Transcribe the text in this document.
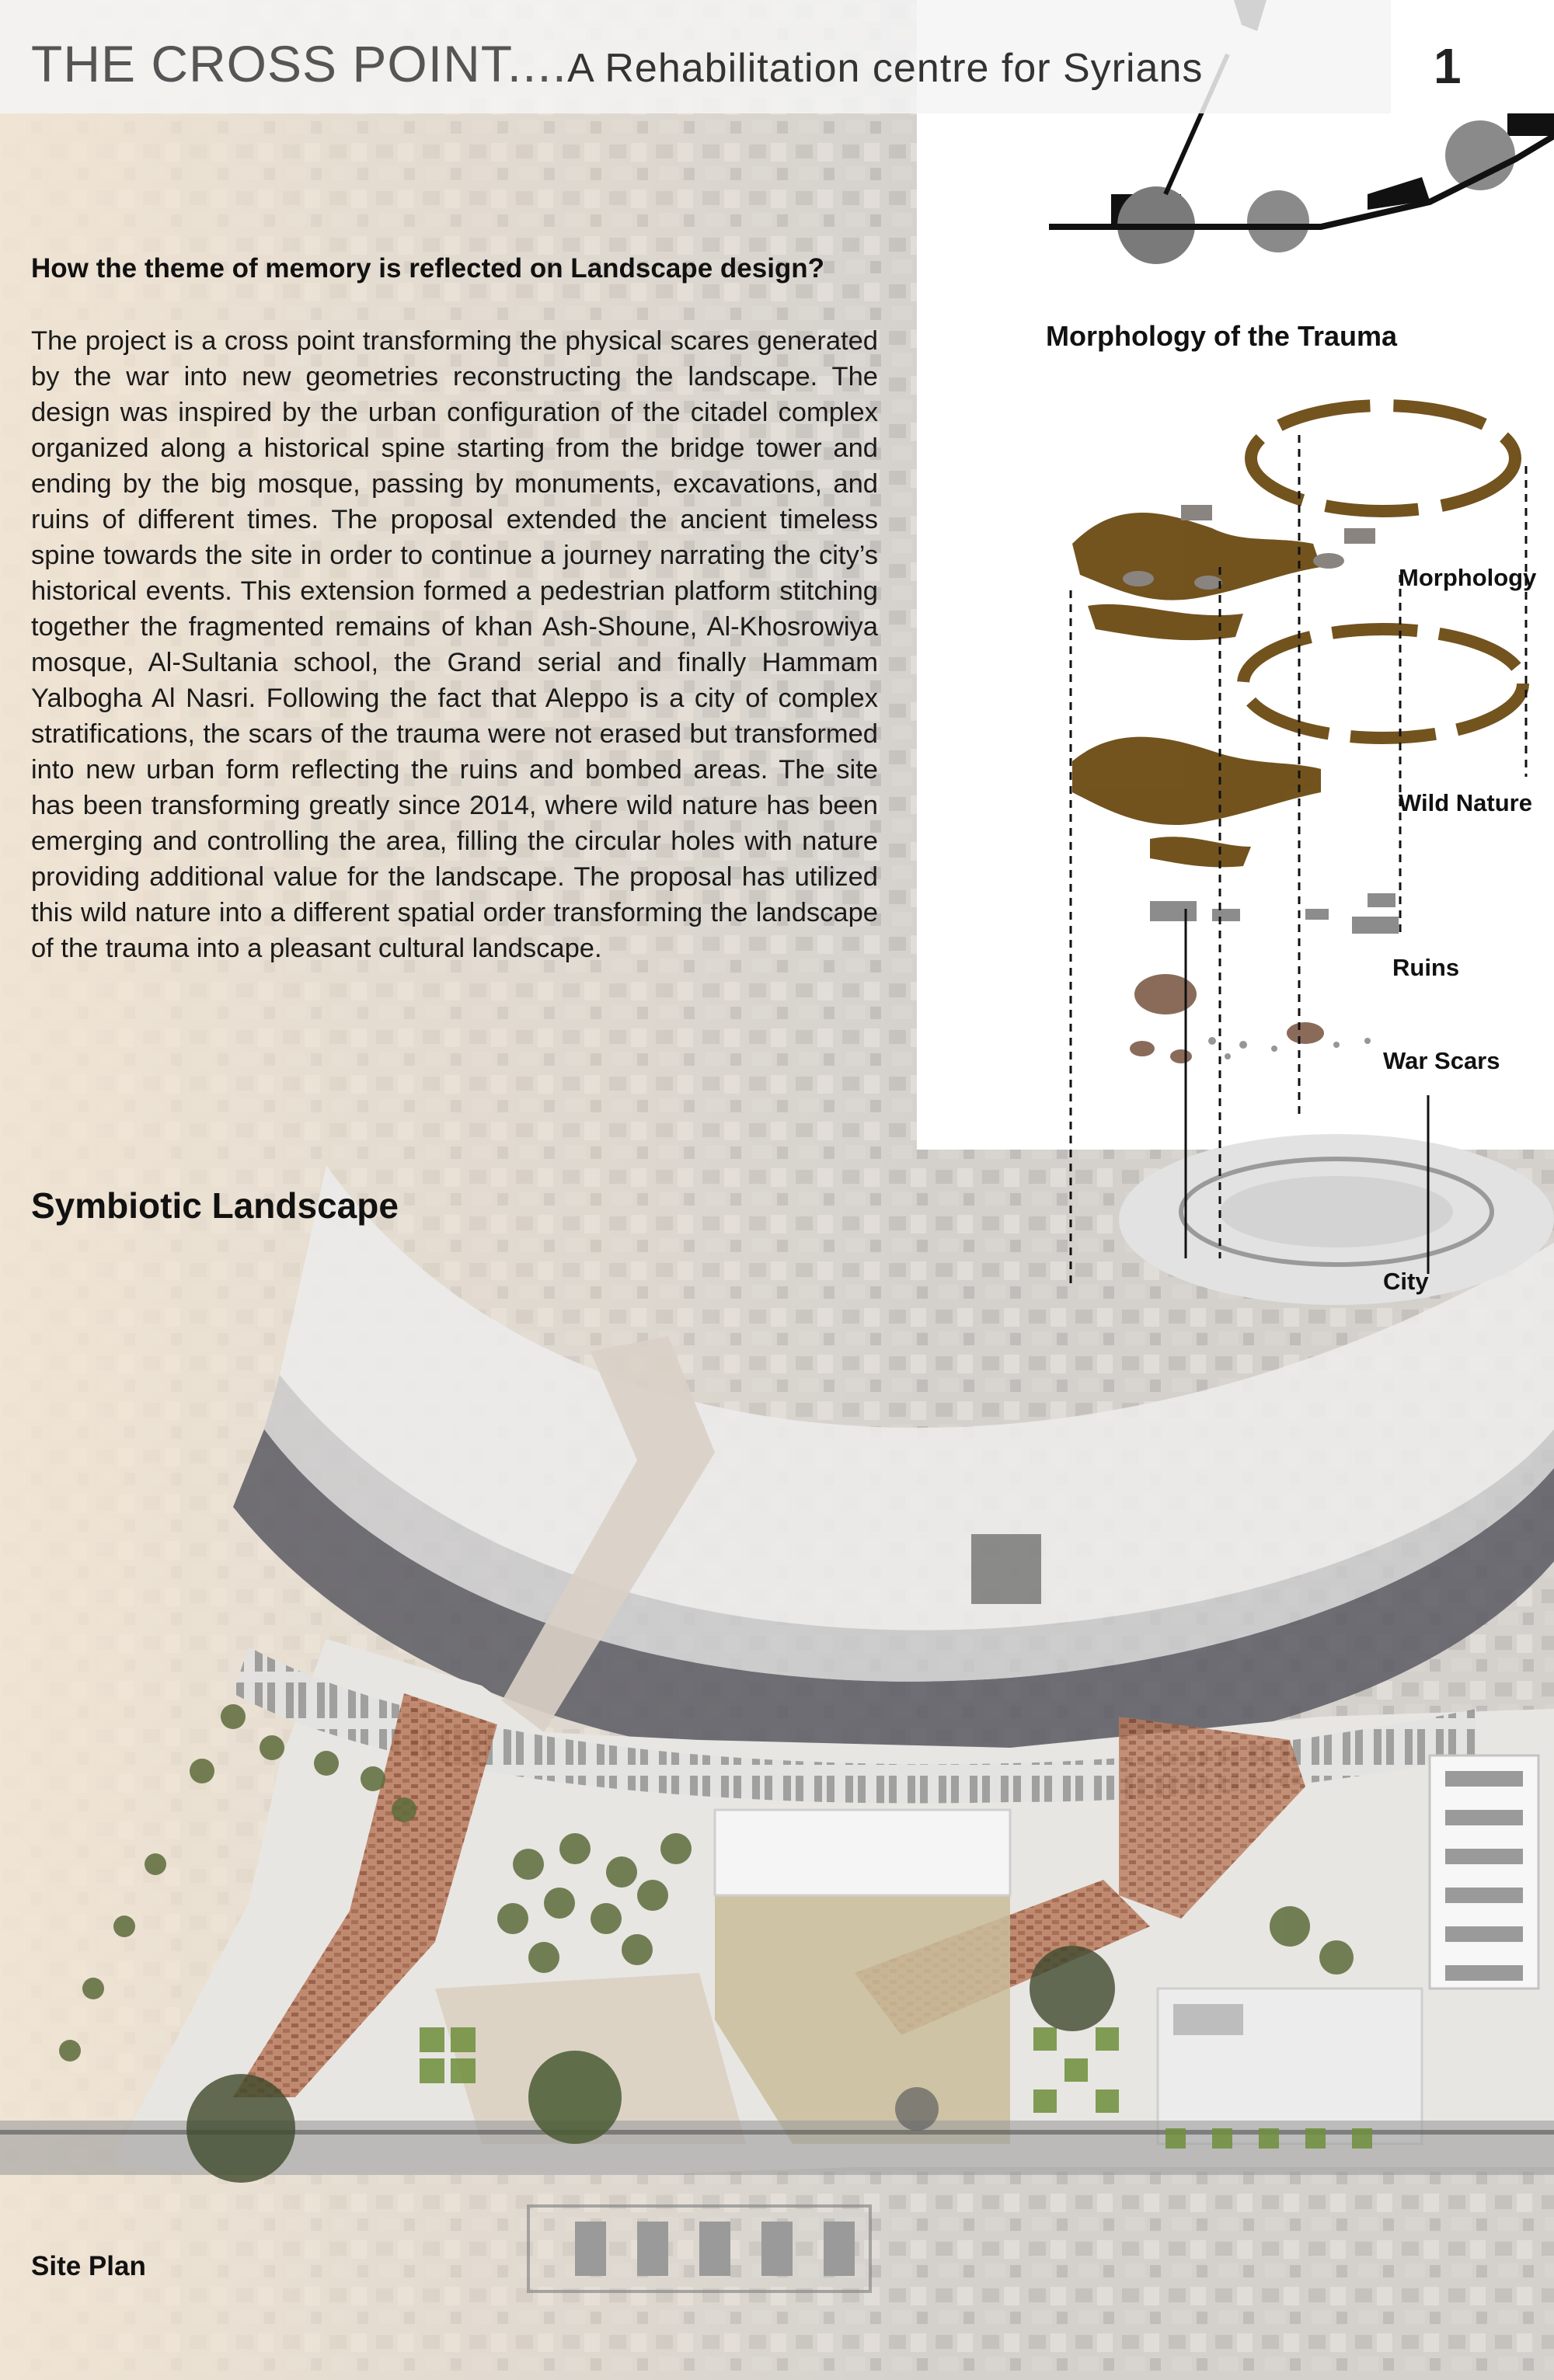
THE CROSS POINT....A Rehabilitation centre for Syrians	1
How the theme of memory is reflected on Landscape design?
The project is a cross point transforming the physical scares generated by the war into new geometries reconstructing the landscape. The design was inspired by the urban configuration of the citadel complex organized along a historical spine starting from the bridge tower and ending by the big mosque, passing by monuments, excavations, and ruins of different times. The proposal extended the ancient timeless spine towards the site in order to continue a journey narrating the city’s historical events. This extension formed a pedestrian platform stitching together the fragmented remains of khan Ash-Shoune, Al-Khosrowiya mosque, Al-Sultania school, the Grand serial and finally Hammam Yalbogha Al Nasri. Following the fact that Aleppo is a city of complex stratifications, the scars of the trauma were not erased but transformed into new urban form reflecting the ruins and bombed areas. The site has been transforming greatly since 2014, where wild nature has been emerging and controlling the area, filling the circular holes with nature providing additional value for the landscape. The proposal has utilized this wild nature into a different spatial order transforming the landscape of the trauma into a pleasant cultural landscape.
Symbiotic Landscape
Site Plan
Morphology of the Trauma
Morphology
Wild Nature
Ruins
War Scars
City
